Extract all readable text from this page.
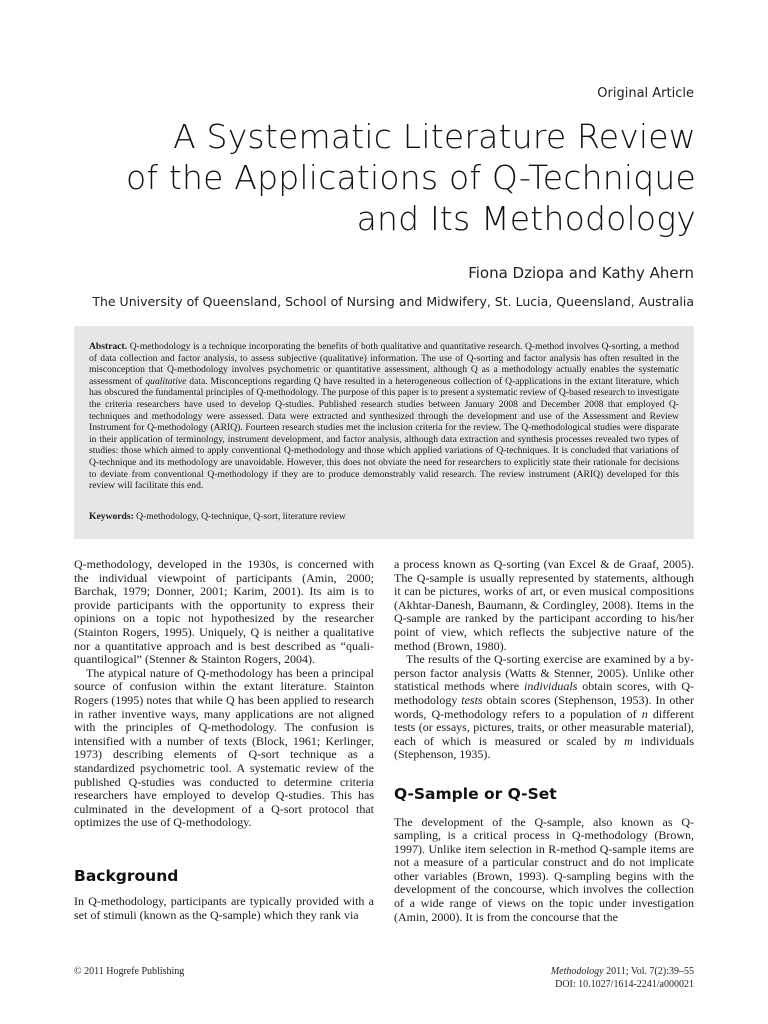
Original Article
A Systematic Literature Review
of the Applications of Q-Technique
and Its Methodology
Fiona Dziopa and Kathy Ahern
The University of Queensland, School of Nursing and Midwifery, St. Lucia, Queensland, Australia
Abstract. Q-methodology is a technique incorporating the benefits of both qualitative and quantitative research. Q-method involves Q-sorting, a method of data collection and factor analysis, to assess subjective (qualitative) information. The use of Q-sorting and factor analysis has often resulted in the misconception that Q-methodology involves psychometric or quantitative assessment, although Q as a methodology actually enables the systematic assessment of qualitative data. Misconceptions regarding Q have resulted in a heterogeneous collection of Q-applications in the extant literature, which has obscured the fundamental principles of Q-methodology. The purpose of this paper is to present a systematic review of Q-based research to investigate the criteria researchers have used to develop Q-studies. Published research studies between January 2008 and December 2008 that employed Q-techniques and methodology were assessed. Data were extracted and synthesized through the development and use of the Assessment and Review Instrument for Q-methodology (ARIQ). Fourteen research studies met the inclusion criteria for the review. The Q-methodological studies were disparate in their application of terminology, instrument development, and factor analysis, although data extraction and synthesis processes revealed two types of studies: those which aimed to apply conventional Q-methodology and those which applied variations of Q-techniques. It is concluded that variations of Q-technique and its methodology are unavoidable. However, this does not obviate the need for researchers to explicitly state their rationale for decisions to deviate from conventional Q-methodology if they are to produce demonstrably valid research. The review instrument (ARIQ) developed for this review will facilitate this end.
Keywords: Q-methodology, Q-technique, Q-sort, literature review

Q-methodology, developed in the 1930s, is concerned with the individual viewpoint of participants (Amin, 2000; Barchak, 1979; Donner, 2001; Karim, 2001). Its aim is to provide participants with the opportunity to express their opinions on a topic not hypothesized by the researcher (Stainton Rogers, 1995). Uniquely, Q is neither a qualitative nor a quantitative approach and is best described as “quali-quantilogical” (Stenner & Stainton Rogers, 2004).

The atypical nature of Q-methodology has been a principal source of confusion within the extant literature. Stainton Rogers (1995) notes that while Q has been applied to research in rather inventive ways, many applications are not aligned with the principles of Q-methodology. The confusion is intensified with a number of texts (Block, 1961; Kerlinger, 1973) describing elements of Q-sort technique as a standardized psychometric tool. A systematic review of the published Q-studies was conducted to determine criteria researchers have employed to develop Q-studies. This has culminated in the development of a Q-sort protocol that optimizes the use of Q-methodology.

Background

In Q-methodology, participants are typically provided with a set of stimuli (known as the Q-sample) which they rank via

a process known as Q-sorting (van Excel & de Graaf, 2005). The Q-sample is usually represented by statements, although it can be pictures, works of art, or even musical compositions (Akhtar-Danesh, Baumann, & Cordingley, 2008). Items in the Q-sample are ranked by the participant according to his/her point of view, which reflects the subjective nature of the method (Brown, 1980).

The results of the Q-sorting exercise are examined by a by-person factor analysis (Watts & Stenner, 2005). Unlike other statistical methods where individuals obtain scores, with Q-methodology tests obtain scores (Stephenson, 1953). In other words, Q-methodology refers to a population of n different tests (or essays, pictures, traits, or other measurable material), each of which is measured or scaled by m individuals (Stephenson, 1935).

Q-Sample or Q-Set

The development of the Q-sample, also known as Q-sampling, is a critical process in Q-methodology (Brown, 1997). Unlike item selection in R-method Q-sample items are not a measure of a particular construct and do not implicate other variables (Brown, 1993). Q-sampling begins with the development of the concourse, which involves the collection of a wide range of views on the topic under investigation (Amin, 2000). It is from the concourse that the

© 2011 Hogrefe Publishing	Methodology 2011; Vol. 7(2):39–55
DOI: 10.1027/1614-2241/a000021
